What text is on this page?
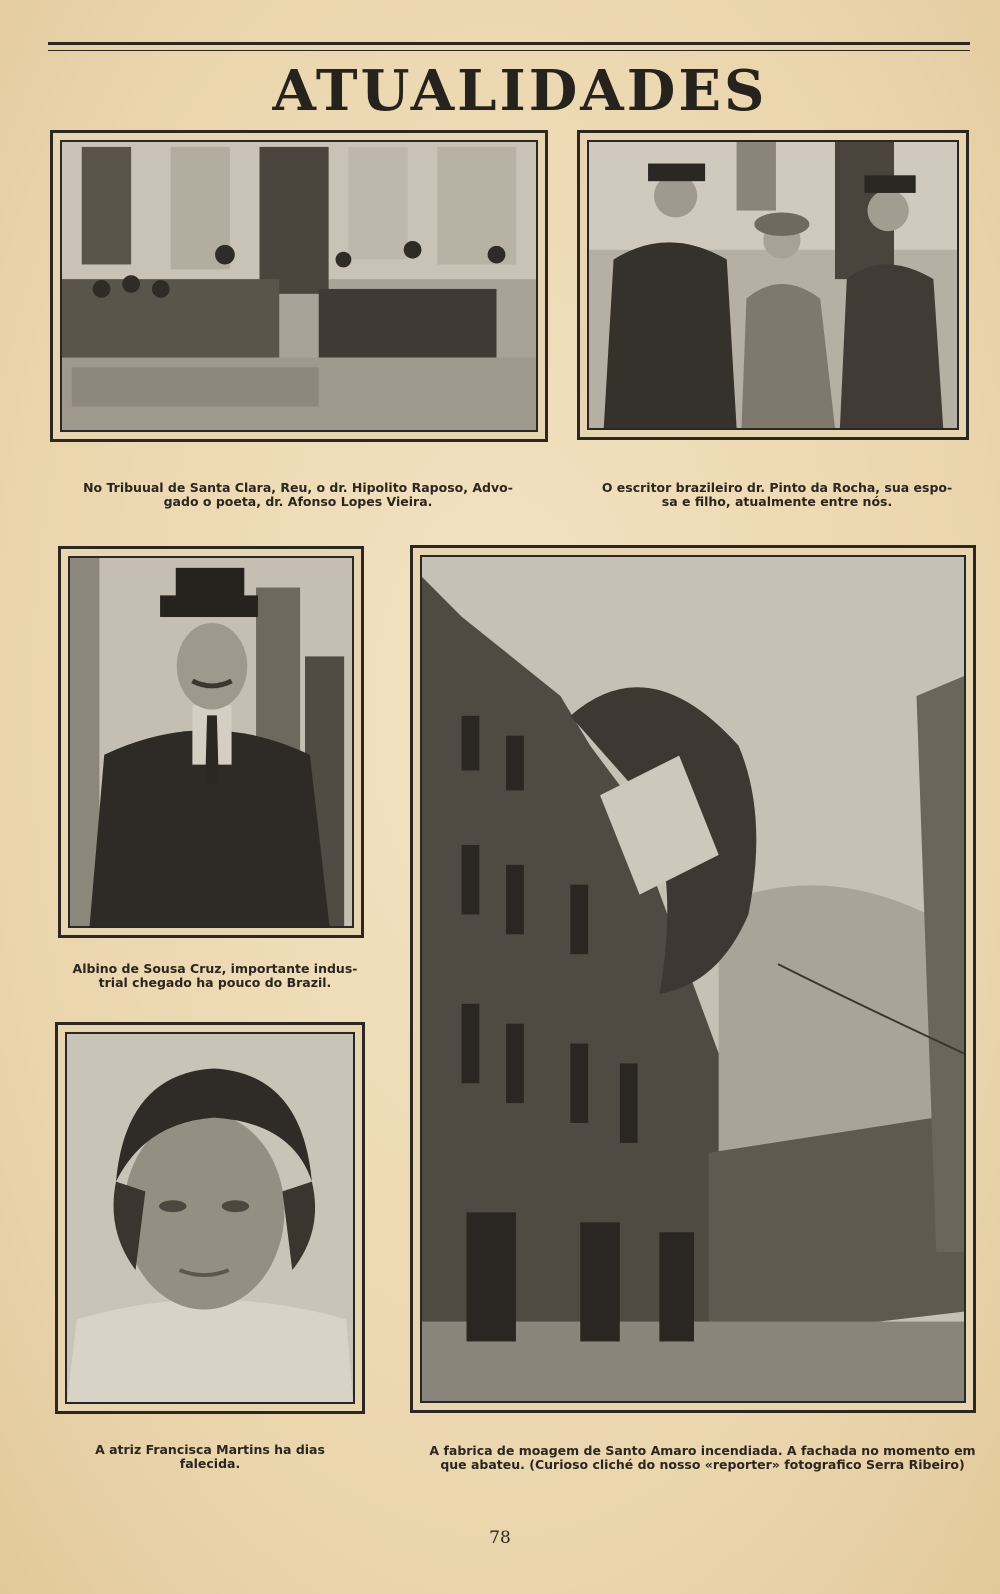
ATUALIDADES
No Tribuual de Santa Clara, Reu, o dr. Hipolito Raposo, Advo-
gado o poeta, dr. Afonso Lopes Vieira.
O escritor brazileiro dr. Pinto da Rocha, sua espo-
sa e filho, atualmente entre nós.
Albino de Sousa Cruz, importante indus-
trial chegado ha pouco do Brazil.
A atriz Francisca Martins ha dias
falecida.
A fabrica de moagem de Santo Amaro incendiada. A fachada no momento em
que abateu. (Curioso cliché do nosso «reporter» fotografico Serra Ribeiro)
78
